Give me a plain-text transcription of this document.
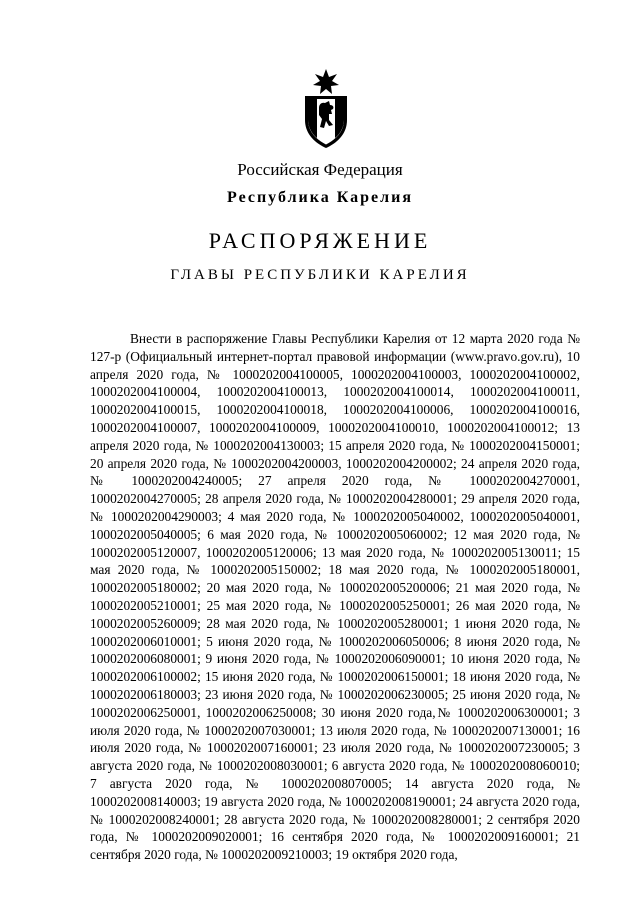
Российская Федерация
Республика Карелия
РАСПОРЯЖЕНИЕ
ГЛАВЫ РЕСПУБЛИКИ КАРЕЛИЯ

Внести в распоряжение Главы Республики Карелия от 12 марта 2020 года № 127-р (Официальный интернет-портал правовой информации (www.pravo.gov.ru), 10 апреля 2020 года, № 1000202004100005, 1000202004100003, 1000202004100002, 1000202004100004, 1000202004100013, 1000202004100014, 1000202004100011, 1000202004100015, 1000202004100018, 1000202004100006, 1000202004100016, 1000202004100007, 1000202004100009, 1000202004100010, 1000202004100012; 13 апреля 2020 года, № 1000202004130003; 15 апреля 2020 года, № 1000202004150001; 20 апреля 2020 года, № 1000202004200003, 1000202004200002; 24 апреля 2020 года, № 1000202004240005; 27 апреля 2020 года, № 1000202004270001, 1000202004270005; 28 апреля 2020 года, № 1000202004280001; 29 апреля 2020 года, № 1000202004290003; 4 мая 2020 года, № 1000202005040002, 1000202005040001, 1000202005040005; 6 мая 2020 года, № 1000202005060002; 12 мая 2020 года, № 1000202005120007, 1000202005120006; 13 мая 2020 года, № 1000202005130011; 15 мая 2020 года, № 1000202005150002; 18 мая 2020 года, № 1000202005180001, 1000202005180002; 20 мая 2020 года, № 1000202005200006; 21 мая 2020 года, № 1000202005210001; 25 мая 2020 года, № 1000202005250001; 26 мая 2020 года, № 1000202005260009; 28 мая 2020 года, № 1000202005280001; 1 июня 2020 года, № 1000202006010001; 5 июня 2020 года, № 1000202006050006; 8 июня 2020 года, № 1000202006080001; 9 июня 2020 года, № 1000202006090001; 10 июня 2020 года, № 1000202006100002; 15 июня 2020 года, № 1000202006150001; 18 июня 2020 года, № 1000202006180003; 23 июня 2020 года, № 1000202006230005; 25 июня 2020 года, № 1000202006250001, 1000202006250008; 30 июня 2020 года,№ 1000202006300001; 3 июля 2020 года, № 1000202007030001; 13 июля 2020 года, № 1000202007130001; 16 июля 2020 года, № 1000202007160001; 23 июля 2020 года, № 1000202007230005; 3 августа 2020 года, № 1000202008030001; 6 августа 2020 года, № 1000202008060010; 7 августа 2020 года, № 1000202008070005; 14 августа 2020 года, № 1000202008140003; 19 августа 2020 года, № 1000202008190001; 24 августа 2020 года, № 1000202008240001; 28 августа 2020 года, № 1000202008280001; 2 сентября 2020 года, № 1000202009020001; 16 сентября 2020 года, № 1000202009160001; 21 сентября 2020 года, № 1000202009210003; 19 октября 2020 года,
